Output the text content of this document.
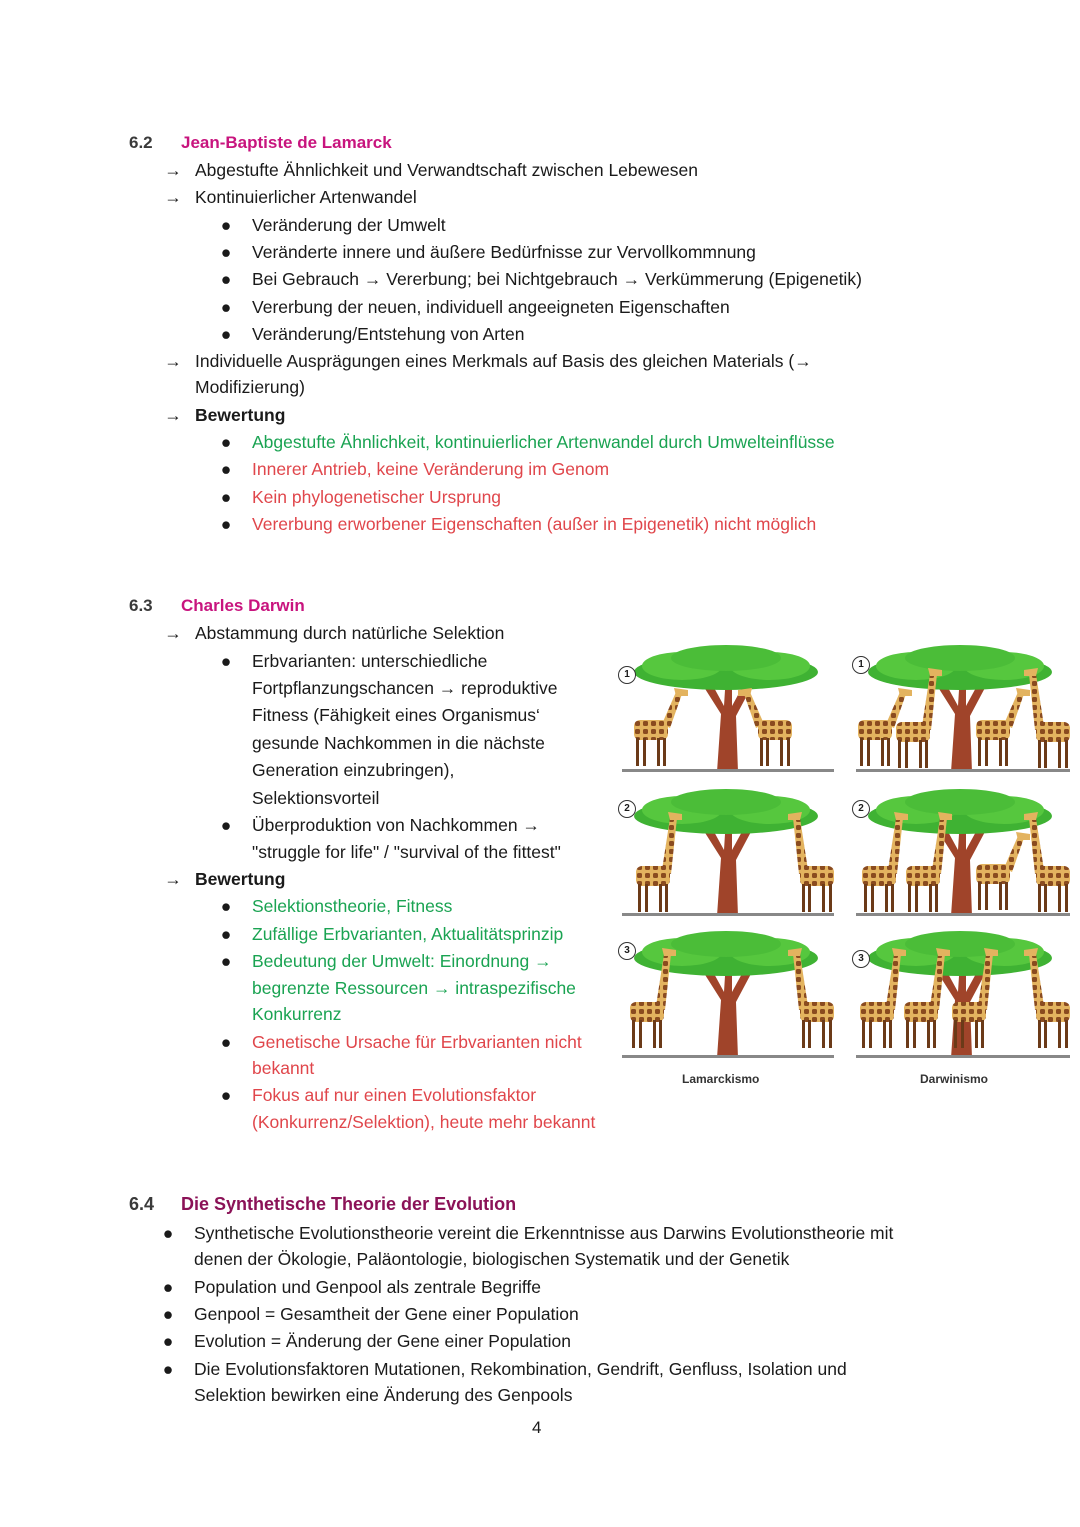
6.2 Jean-Baptiste de Lamarck
→ Abgestufte Ähnlichkeit und Verwandtschaft zwischen Lebewesen
→ Kontinuierlicher Artenwandel
●	Veränderung der Umwelt
●	Veränderte innere und äußere Bedürfnisse zur Vervollkommnung
●	Bei Gebrauch → Vererbung; bei Nichtgebrauch → Verkümmerung (Epigenetik)
●	Vererbung der neuen, individuell angeeigneten Eigenschaften
●	Veränderung/Entstehung von Arten
→ Individuelle Ausprägungen eines Merkmals auf Basis des gleichen Materials (→
Modifizierung)
→ Bewertung
●	Abgestufte Ähnlichkeit, kontinuierlicher Artenwandel durch Umwelteinflüsse
●	Innerer Antrieb, keine Veränderung im Genom
●	Kein phylogenetischer Ursprung
●	Vererbung erworbener Eigenschaften (außer in Epigenetik) nicht möglich
6.3 Charles Darwin
→ Abstammung durch natürliche Selektion
●	Erbvarianten: unterschiedliche
Fortpflanzungschancen → reproduktive
Fitness (Fähigkeit eines Organismus‘
gesunde Nachkommen in die nächste
Generation einzubringen),
Selektionsvorteil
●	Überproduktion von Nachkommen →
"struggle for life" / "survival of the fittest"
→ Bewertung
●	Selektionstheorie, Fitness
●	Zufällige Erbvarianten, Aktualitätsprinzip
●	Bedeutung der Umwelt: Einordnung →
begrenzte Ressourcen → intraspezifische
Konkurrenz
●	Genetische Ursache für Erbvarianten nicht
bekannt
●	Fokus auf nur einen Evolutionsfaktor
(Konkurrenz/Selektion), heute mehr bekannt
1
2
3
1
2
3
Lamarckismo	Darwinismo
6.4 Die Synthetische Theorie der Evolution
●	Synthetische Evolutionstheorie vereint die Erkenntnisse aus Darwins Evolutionstheorie mit
denen der Ökologie, Paläontologie, biologischen Systematik und der Genetik
●	Population und Genpool als zentrale Begriffe
●	Genpool = Gesamtheit der Gene einer Population
●	Evolution = Änderung der Gene einer Population
●	Die Evolutionsfaktoren Mutationen, Rekombination, Gendrift, Genfluss, Isolation und
Selektion bewirken eine Änderung des Genpools
4
